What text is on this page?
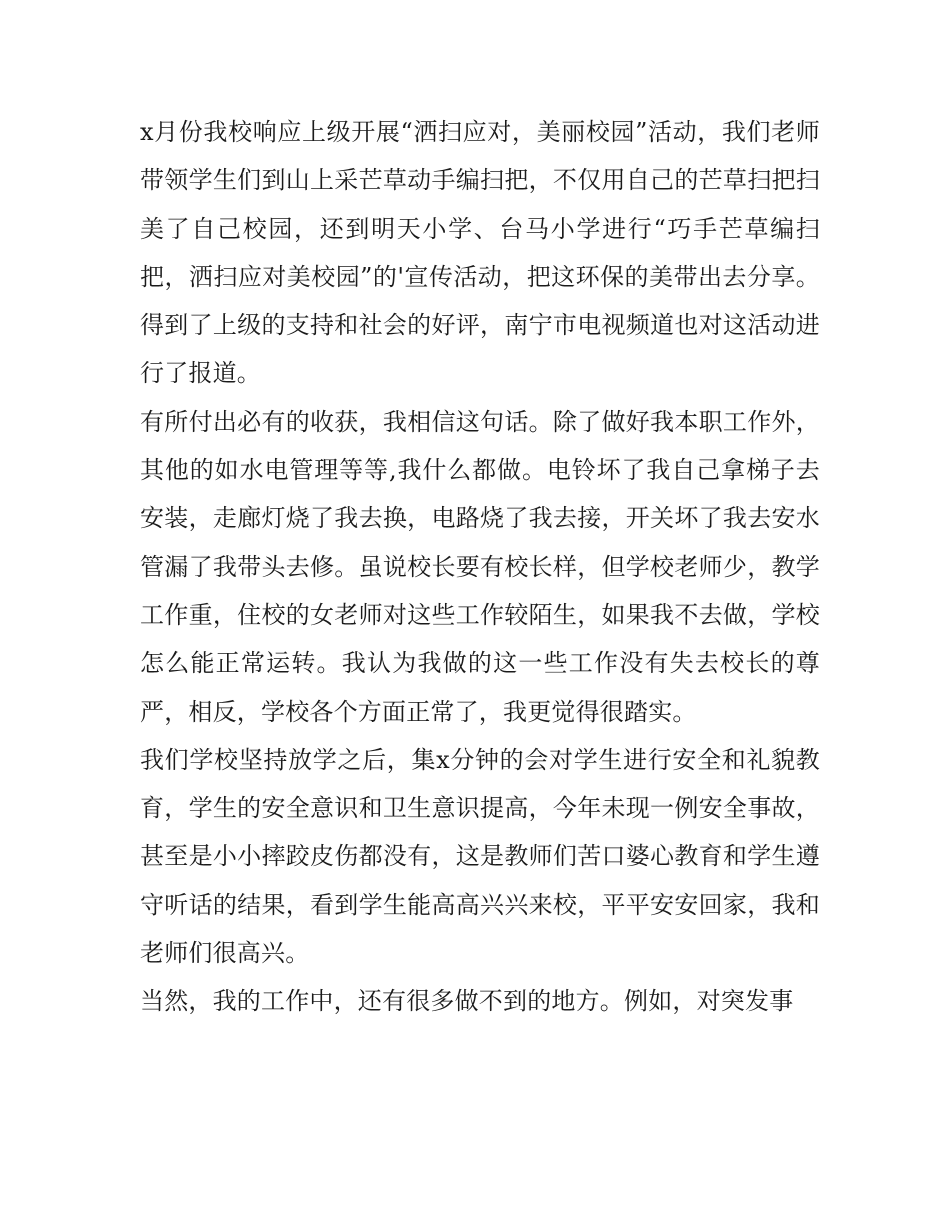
x月份我校响应上级开展“洒扫应对，美丽校园”活动，我们老师带领学生们到山上采芒草动手编扫把，不仅用自己的芒草扫把扫美了自己校园，还到明天小学、台马小学进行“巧手芒草编扫把，洒扫应对美校园”的'宣传活动，把这环保的美带出去分享。得到了上级的支持和社会的好评，南宁市电视频道也对这活动进行了报道。

有所付出必有的收获，我相信这句话。除了做好我本职工作外，其他的如水电管理等等,我什么都做。电铃坏了我自己拿梯子去安装，走廊灯烧了我去换，电路烧了我去接，开关坏了我去安水管漏了我带头去修。虽说校长要有校长样，但学校老师少，教学工作重，住校的女老师对这些工作较陌生，如果我不去做，学校怎么能正常运转。我认为我做的这一些工作没有失去校长的尊严，相反，学校各个方面正常了，我更觉得很踏实。

我们学校坚持放学之后，集x分钟的会对学生进行安全和礼貌教育，学生的安全意识和卫生意识提高，今年未现一例安全事故，甚至是小小摔跤皮伤都没有，这是教师们苦口婆心教育和学生遵守听话的结果，看到学生能高高兴兴来校，平平安安回家，我和老师们很高兴。

当然，我的工作中，还有很多做不到的地方。例如，对突发事
